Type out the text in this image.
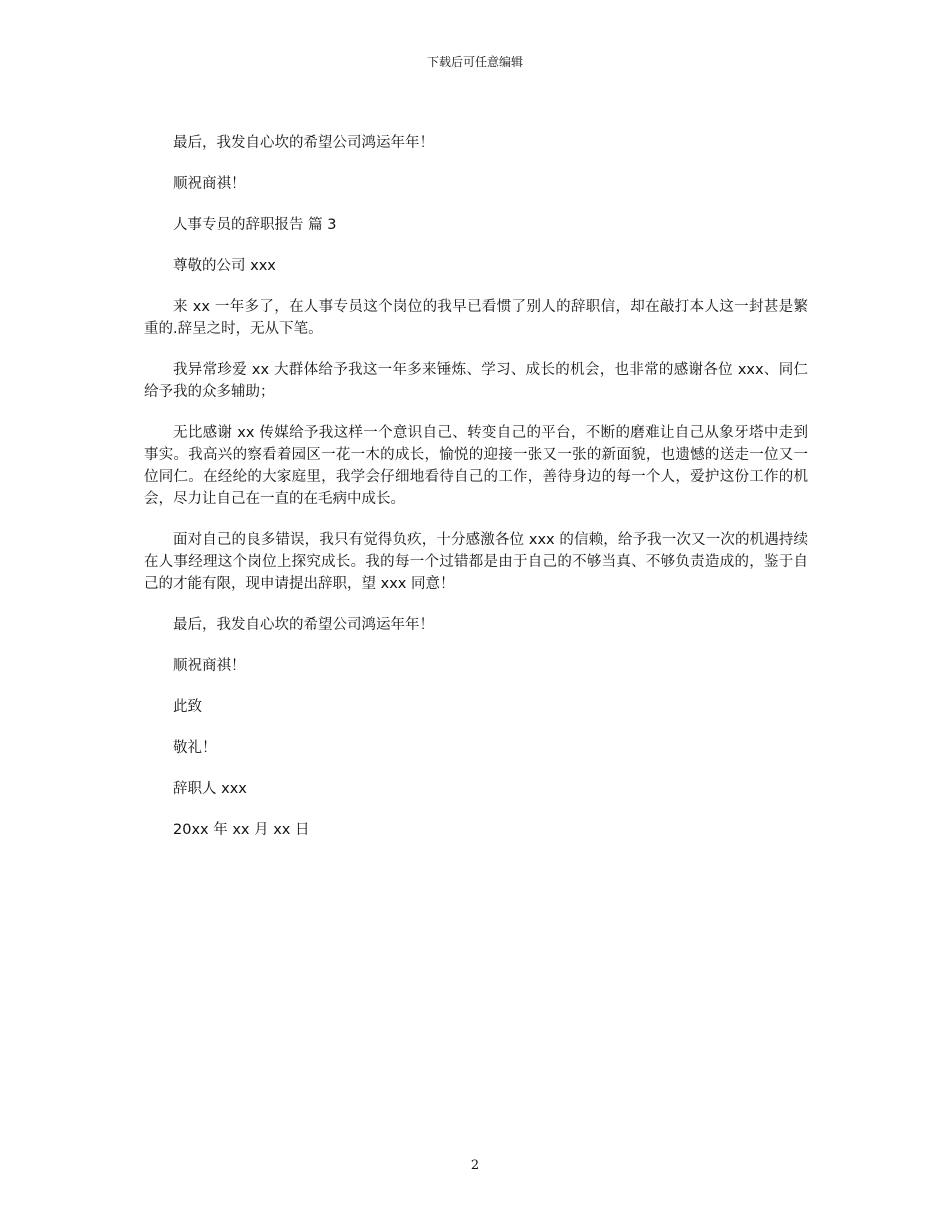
下载后可任意编辑

最后，我发自心坎的希望公司鸿运年年！

顺祝商祺！

人事专员的辞职报告 篇 3

尊敬的公司 xxx

来 xx 一年多了，在人事专员这个岗位的我早已看惯了别人的辞职信，却在敲打本人这一封甚是繁重的.辞呈之时，无从下笔。

我异常珍爱 xx 大群体给予我这一年多来锤炼、学习、成长的机会，也非常的感谢各位 xxx、同仁给予我的众多辅助；

无比感谢 xx 传媒给予我这样一个意识自己、转变自己的平台，不断的磨难让自己从象牙塔中走到事实。我高兴的察看着园区一花一木的成长，愉悦的迎接一张又一张的新面貌，也遗憾的送走一位又一位同仁。在经纶的大家庭里，我学会仔细地看待自己的工作，善待身边的每一个人，爱护这份工作的机会，尽力让自己在一直的在毛病中成长。

面对自己的良多错误，我只有觉得负疚，十分感激各位 xxx 的信赖，给予我一次又一次的机遇持续在人事经理这个岗位上探究成长。我的每一个过错都是由于自己的不够当真、不够负责造成的，鉴于自己的才能有限，现申请提出辞职，望 xxx 同意！

最后，我发自心坎的希望公司鸿运年年！

顺祝商祺！

此致

敬礼！

辞职人 xxx

20xx 年 xx 月 xx 日

2
